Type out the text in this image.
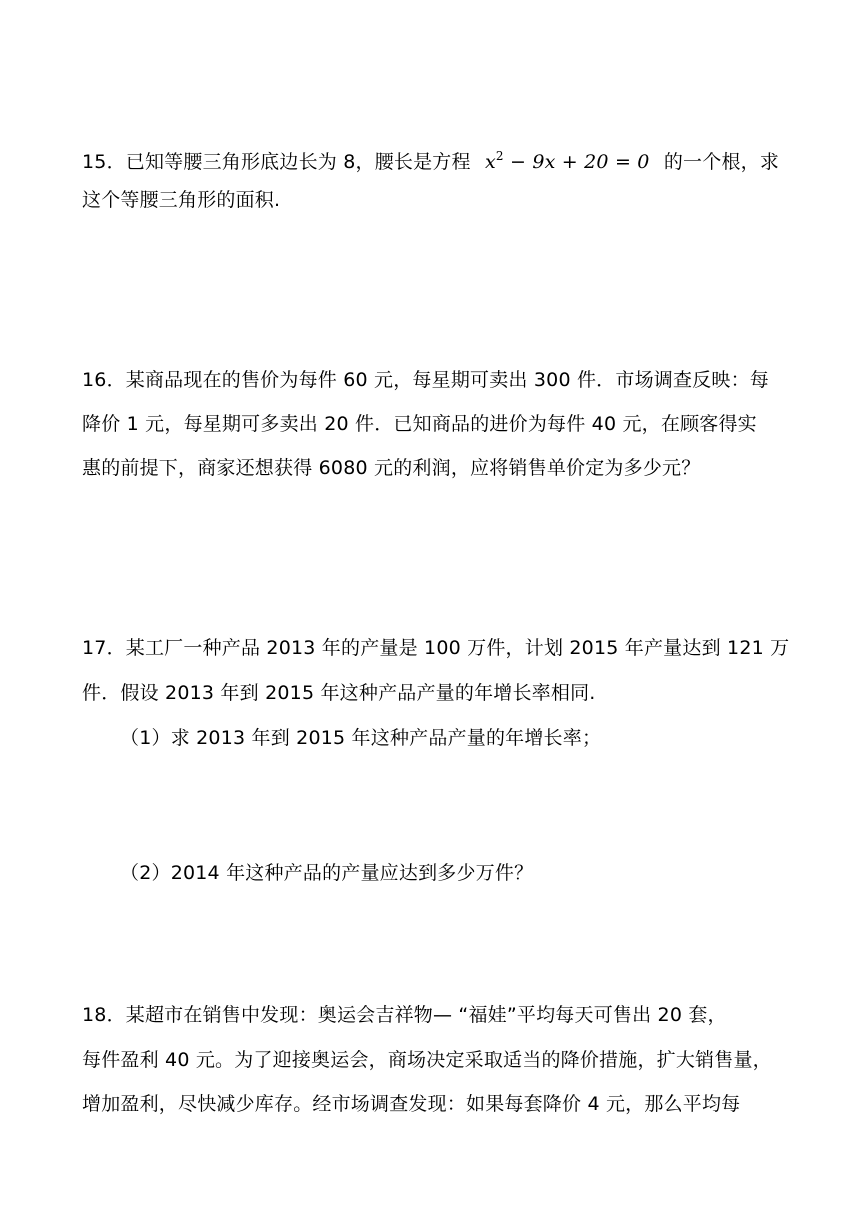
15．已知等腰三角形底边长为 8，腰长是方程 $x^2 - 9x + 20 = 0$ 的一个根，求
这个等腰三角形的面积.
16．某商品现在的售价为每件 60 元，每星期可卖出 300 件．市场调查反映：每
降价 1 元，每星期可多卖出 20 件．已知商品的进价为每件 40 元，在顾客得实
惠的前提下，商家还想获得 6080 元的利润，应将销售单价定为多少元？
17．某工厂一种产品 2013 年的产量是 100 万件，计划 2015 年产量达到 121 万
件．假设 2013 年到 2015 年这种产品产量的年增长率相同.
（1）求 2013 年到 2015 年这种产品产量的年增长率；
（2）2014 年这种产品的产量应达到多少万件？
18．某超市在销售中发现：奥运会吉祥物— “福娃”平均每天可售出 20 套，
每件盈利 40 元。为了迎接奥运会，商场决定采取适当的降价措施，扩大销售量，
增加盈利，尽快减少库存。经市场调查发现：如果每套降价 4 元，那么平均每
